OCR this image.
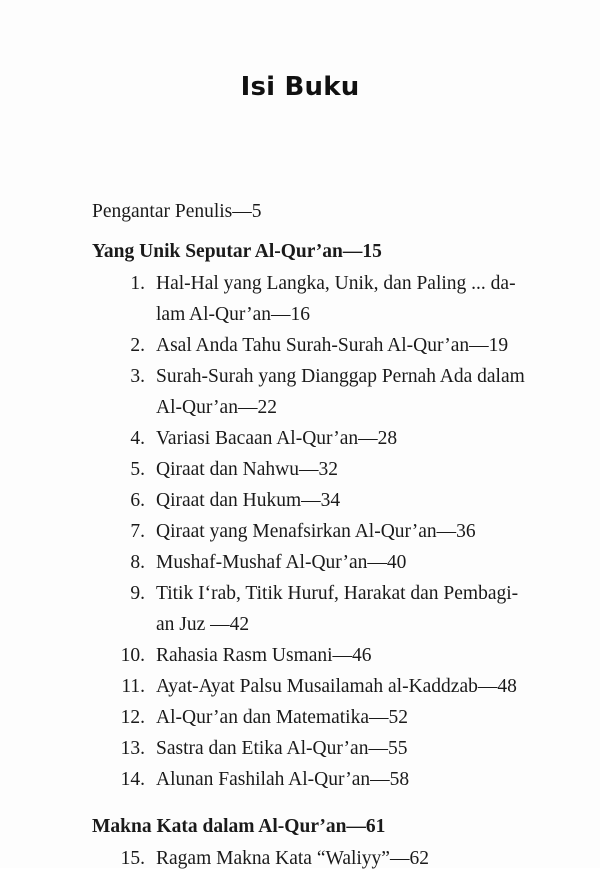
Isi Buku
Pengantar Penulis—5
Yang Unik Seputar Al-Qur’an—15
1. Hal-Hal yang Langka, Unik, dan Paling ... da-
lam Al-Qur’an—16
2. Asal Anda Tahu Surah-Surah Al-Qur’an—19
3. Surah-Surah yang Dianggap Pernah Ada dalam
Al-Qur’an—22
4. Variasi Bacaan Al-Qur’an—28
5. Qiraat dan Nahwu—32
6. Qiraat dan Hukum—34
7. Qiraat yang Menafsirkan Al-Qur’an—36
8. Mushaf-Mushaf Al-Qur’an—40
9. Titik I‘rab, Titik Huruf, Harakat dan Pembagi-
an Juz —42
10. Rahasia Rasm Usmani—46
11. Ayat-Ayat Palsu Musailamah al-Kaddzab—48
12. Al-Qur’an dan Matematika—52
13. Sastra dan Etika Al-Qur’an—55
14. Alunan Fashilah Al-Qur’an—58
Makna Kata dalam Al-Qur’an—61
15. Ragam Makna Kata “Waliyy”—62
